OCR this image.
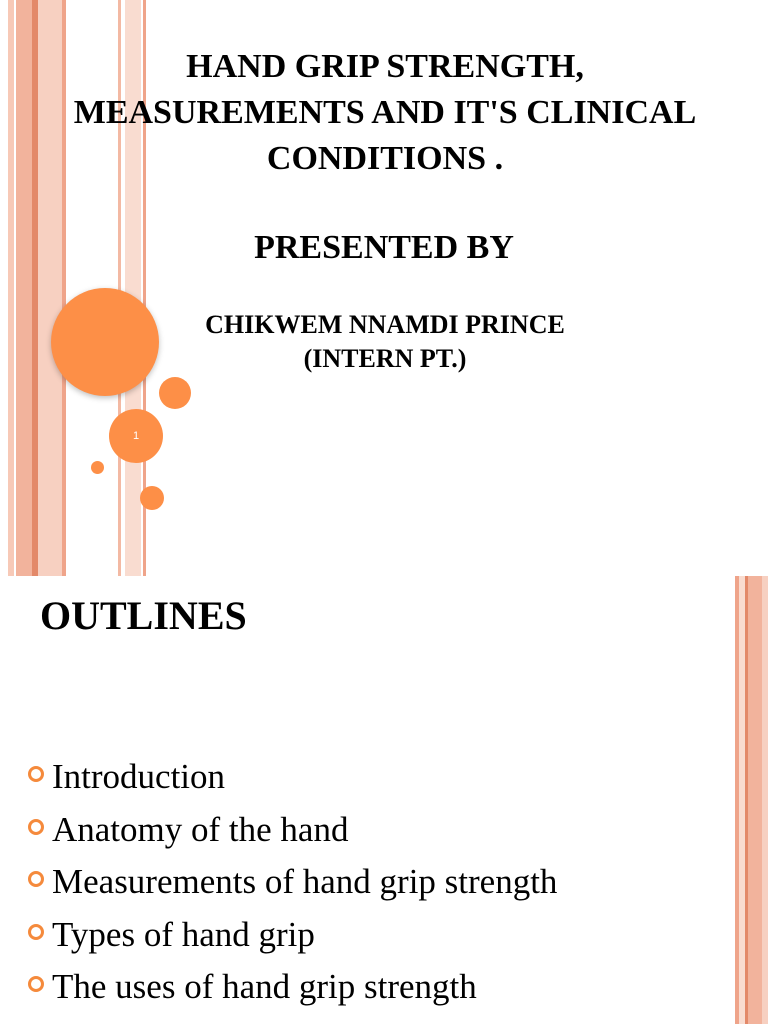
1
HAND GRIP STRENGTH,
MEASUREMENTS AND IT'S CLINICAL
CONDITIONS .
PRESENTED BY
CHIKWEM NNAMDI PRINCE
(INTERN PT.)
OUTLINES
Introduction
Anatomy of the hand
Measurements of hand grip strength
Types of hand grip
The uses of hand grip strength
